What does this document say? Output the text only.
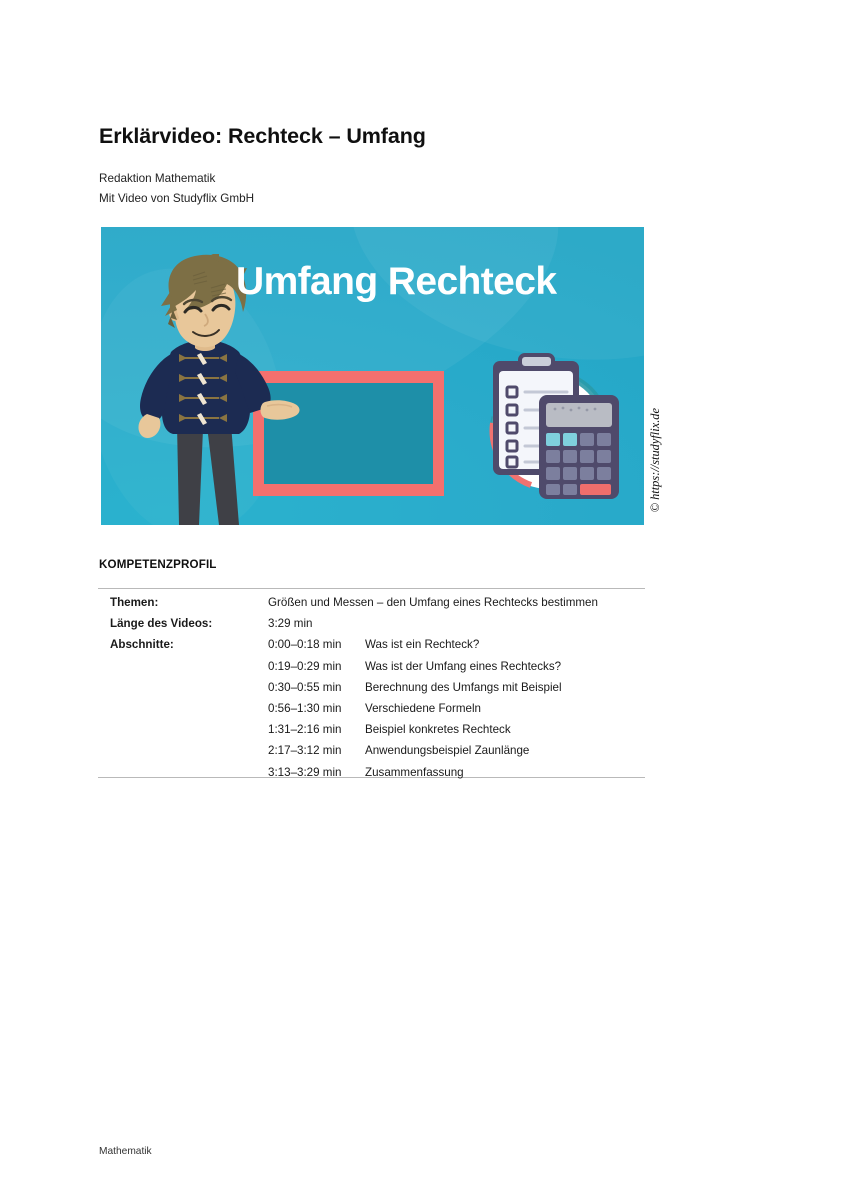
Erklärvideo: Rechteck – Umfang
Redaktion Mathematik
Mit Video von Studyflix GmbH
Umfang Rechteck
© https://studyflix.de
KOMPETENZPROFIL
Themen:	Größen und Messen – den Umfang eines Rechtecks bestimmen	
Länge des Videos:	3:29 min	
Abschnitte:	0:00–0:18 min	Was ist ein Rechteck?
	0:19–0:29 min	Was ist der Umfang eines Rechtecks?
	0:30–0:55 min	Berechnung des Umfangs mit Beispiel
	0:56–1:30 min	Verschiedene Formeln
	1:31–2:16 min	Beispiel konkretes Rechteck
	2:17–3:12 min	Anwendungsbeispiel Zaunlänge
	3:13–3:29 min	Zusammenfassung
Mathematik
